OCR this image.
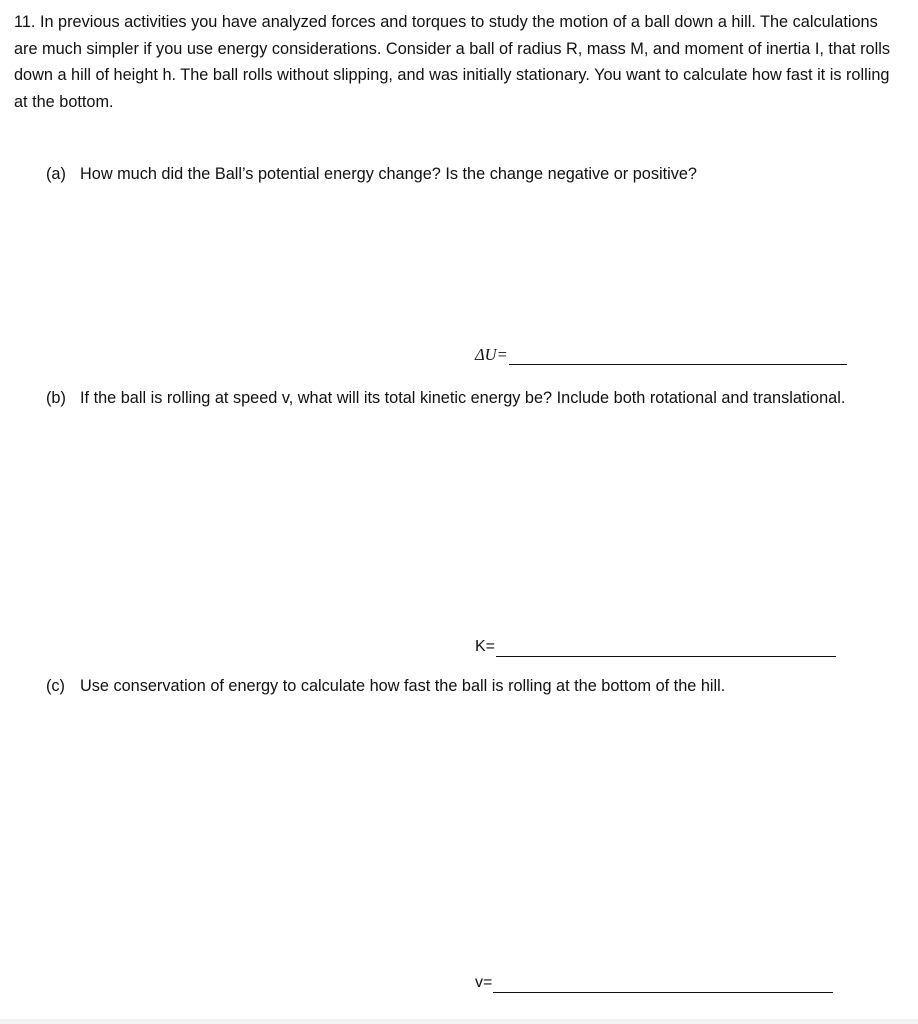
11. In previous activities you have analyzed forces and torques to study the motion of a ball down a hill. The calculations are much simpler if you use energy considerations. Consider a ball of radius R, mass M, and moment of inertia I, that rolls down a hill of height h. The ball rolls without slipping, and was initially stationary. You want to calculate how fast it is rolling at the bottom.

(a) How much did the Ball’s potential energy change? Is the change negative or positive?

ΔU=
(b) If the ball is rolling at speed v, what will its total kinetic energy be? Include both rotational and translational.

K=
(c) Use conservation of energy to calculate how fast the ball is rolling at the bottom of the hill.

v=
